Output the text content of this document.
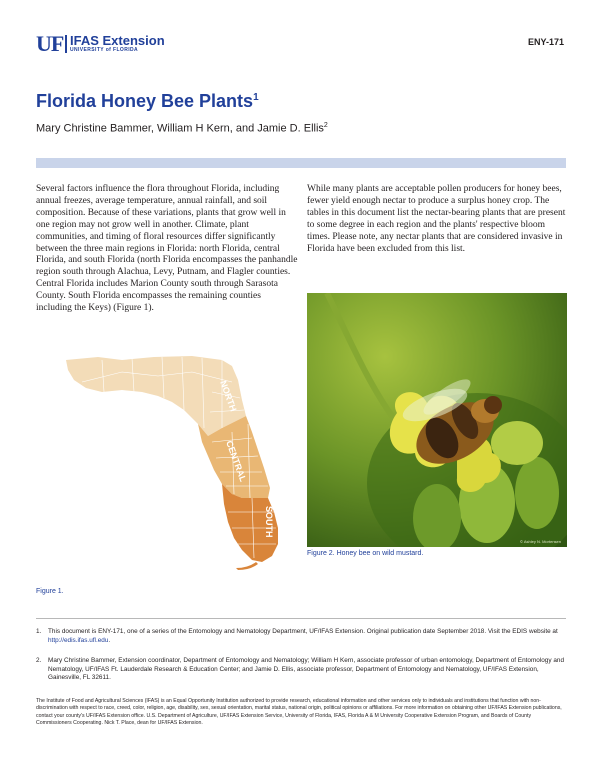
UF IFAS Extension
UNIVERSITY of FLORIDA
ENY-171
Florida Honey Bee Plants$^1$
Mary Christine Bammer, William H Kern, and Jamie D. Ellis$^2$
Several factors influence the flora throughout Florida, including annual freezes, average temperature, annual rainfall, and soil composition. Because of these variations, plants that grow well in one region may not grow well in another. Climate, plant communities, and timing of floral resources differ significantly between the three main regions in Florida: north Florida, central Florida, and south Florida (north Florida encompasses the panhandle region south through Alachua, Levy, Putnam, and Flagler counties. Central Florida includes Marion County south through Sarasota County. South Florida encompasses the remaining counties including the Keys) (Figure 1).
While many plants are acceptable pollen producers for honey bees, fewer yield enough nectar to produce a surplus honey crop. The tables in this document list the nectar-bearing plants that are present to some degree in each region and the plants' respective bloom times. Please note, any nectar plants that are considered invasive in Florida have been excluded from this list.
NORTH
CENTRAL
SOUTH
© Ashley N. Mortensen
Figure 2. Honey bee on wild mustard.
Figure 1.
1. This document is ENY-171, one of a series of the Entomology and Nematology Department, UF/IFAS Extension. Original publication date September 2018. Visit the EDIS website at http://edis.ifas.ufl.edu.
2. Mary Christine Bammer, Extension coordinator, Department of Entomology and Nematology; William H Kern, associate professor of urban entomology, Department of Entomology and Nematology, UF/IFAS Ft. Lauderdale Research & Education Center; and Jamie D. Ellis, associate professor, Department of Entomology and Nematology, UF/IFAS Extension, Gainesville, FL 32611.
The Institute of Food and Agricultural Sciences (IFAS) is an Equal Opportunity Institution authorized to provide research, educational information and other services only to individuals and institutions that function with non-discrimination with respect to race, creed, color, religion, age, disability, sex, sexual orientation, marital status, national origin, political opinions or affiliations. For more information on obtaining other UF/IFAS Extension publications, contact your county's UF/IFAS Extension office. U.S. Department of Agriculture, UF/IFAS Extension Service, University of Florida, IFAS, Florida A & M University Cooperative Extension Program, and Boards of County Commissioners Cooperating. Nick T. Place, dean for UF/IFAS Extension.
